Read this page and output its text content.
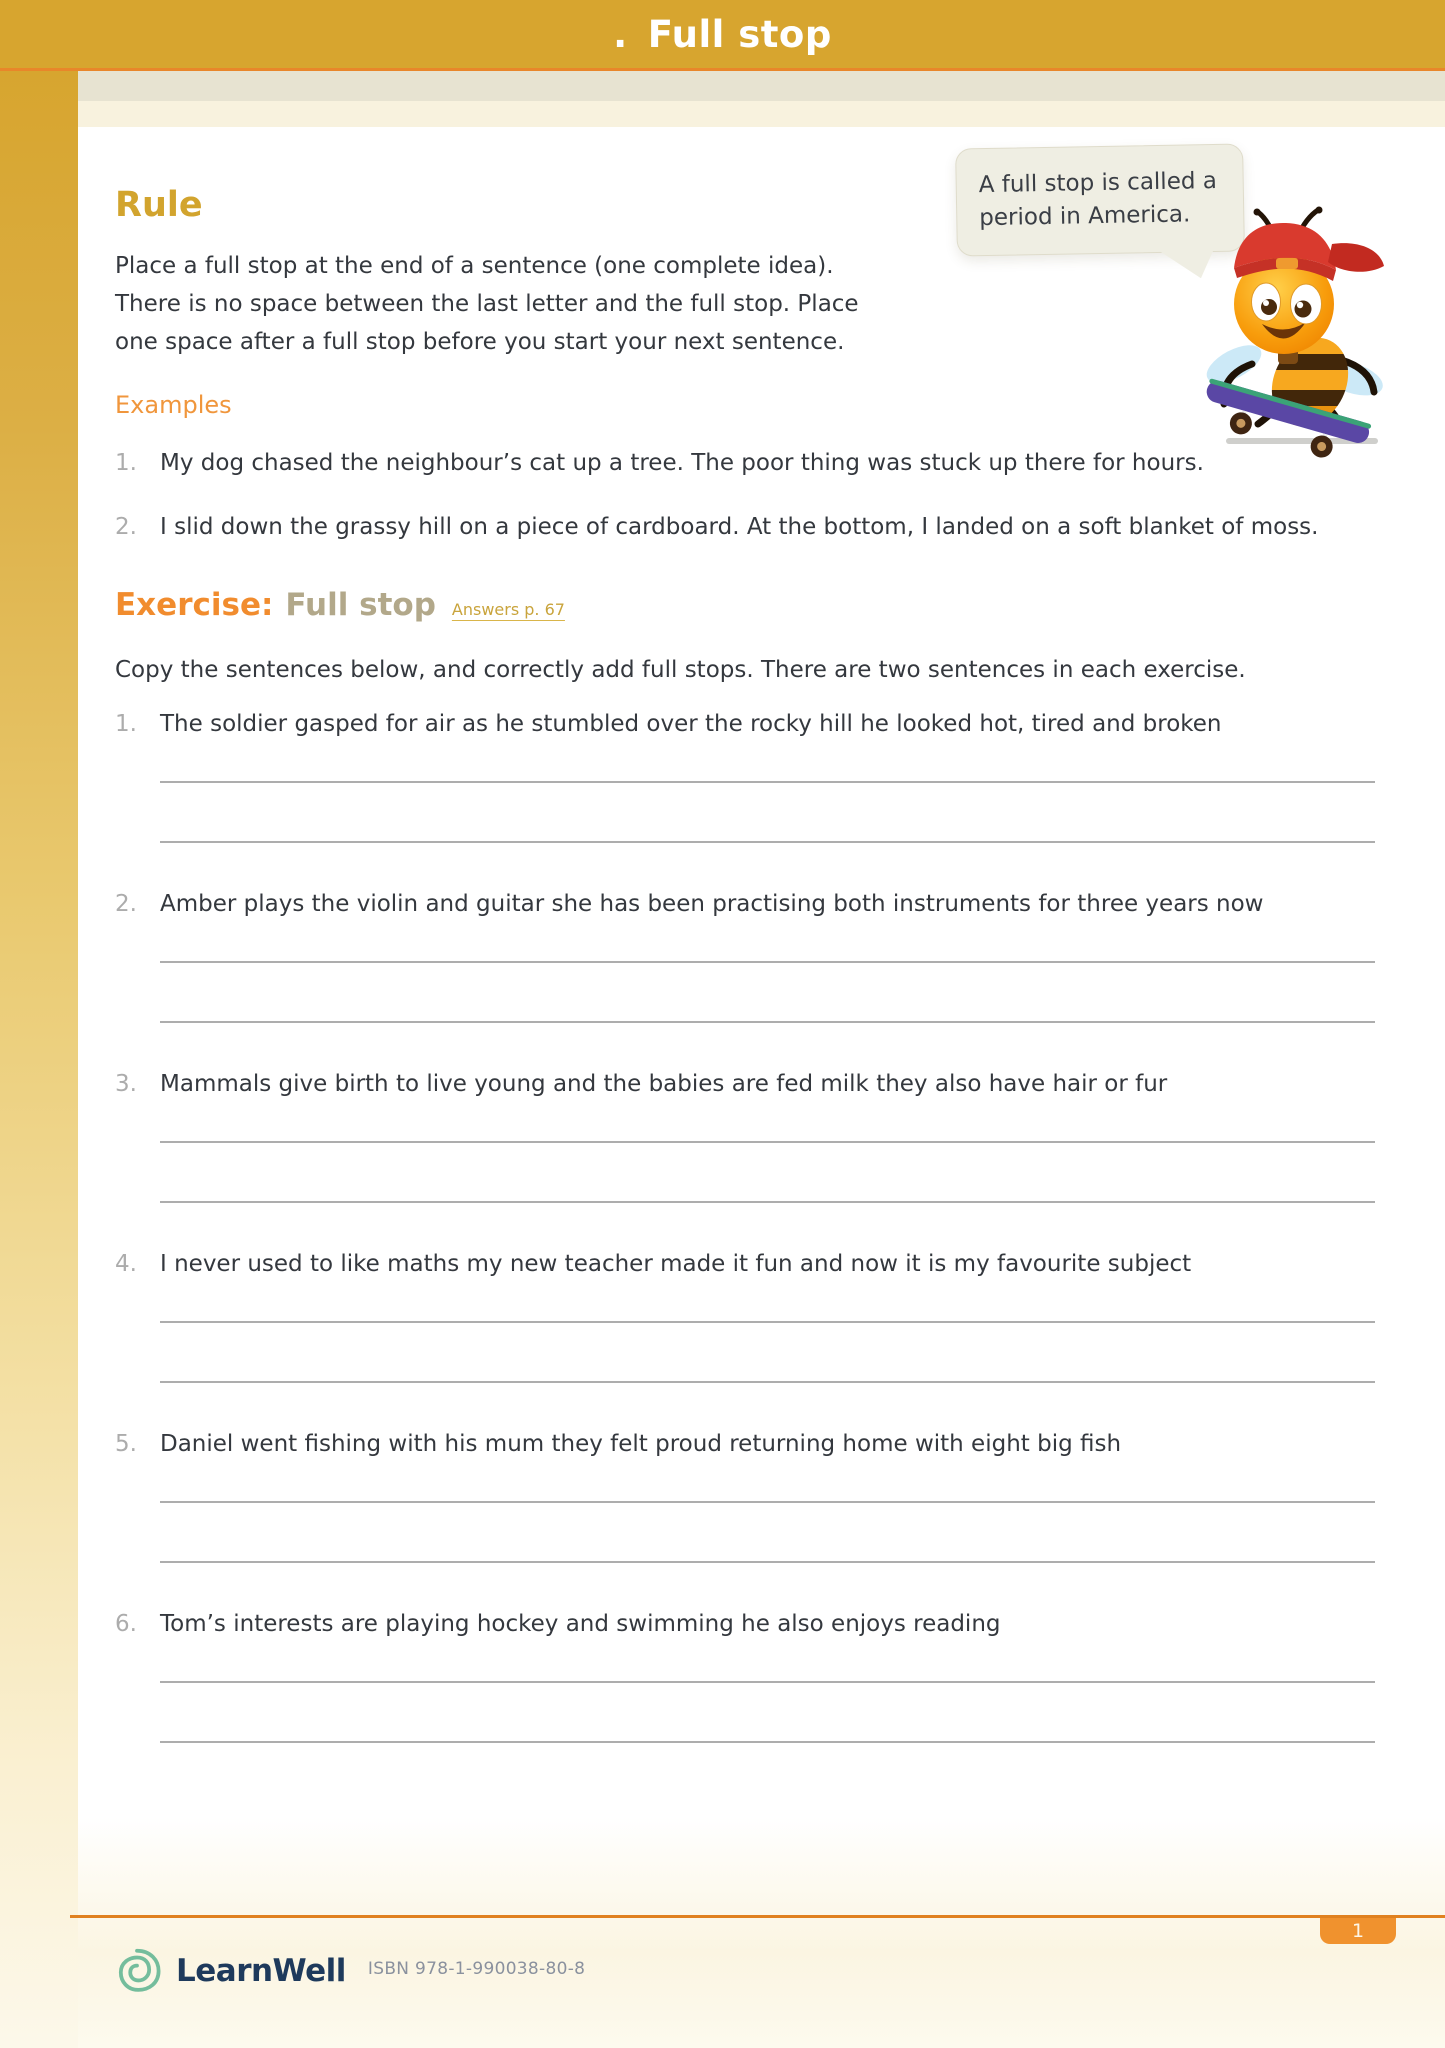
. Full stop
Rule
Place a full stop at the end of a sentence (one complete idea).
There is no space between the last letter and the full stop. Place
one space after a full stop before you start your next sentence.
Examples
1.	My dog chased the neighbour’s cat up a tree. The poor thing was stuck up there for hours.
2.	I slid down the grassy hill on a piece of cardboard. At the bottom, I landed on a soft blanket of moss.
Exercise: Full stop Answers p. 67
Copy the sentences below, and correctly add full stops. There are two sentences in each exercise.
1.	The soldier gasped for air as he stumbled over the rocky hill he looked hot, tired and broken
2.	Amber plays the violin and guitar she has been practising both instruments for three years now
3.	Mammals give birth to live young and the babies are fed milk they also have hair or fur
4.	I never used to like maths my new teacher made it fun and now it is my favourite subject
5.	Daniel went fishing with his mum they felt proud returning home with eight big fish
6.	Tom’s interests are playing hockey and swimming he also enjoys reading
A full stop is called a period in America.
1
LearnWell ISBN 978-1-990038-80-8
